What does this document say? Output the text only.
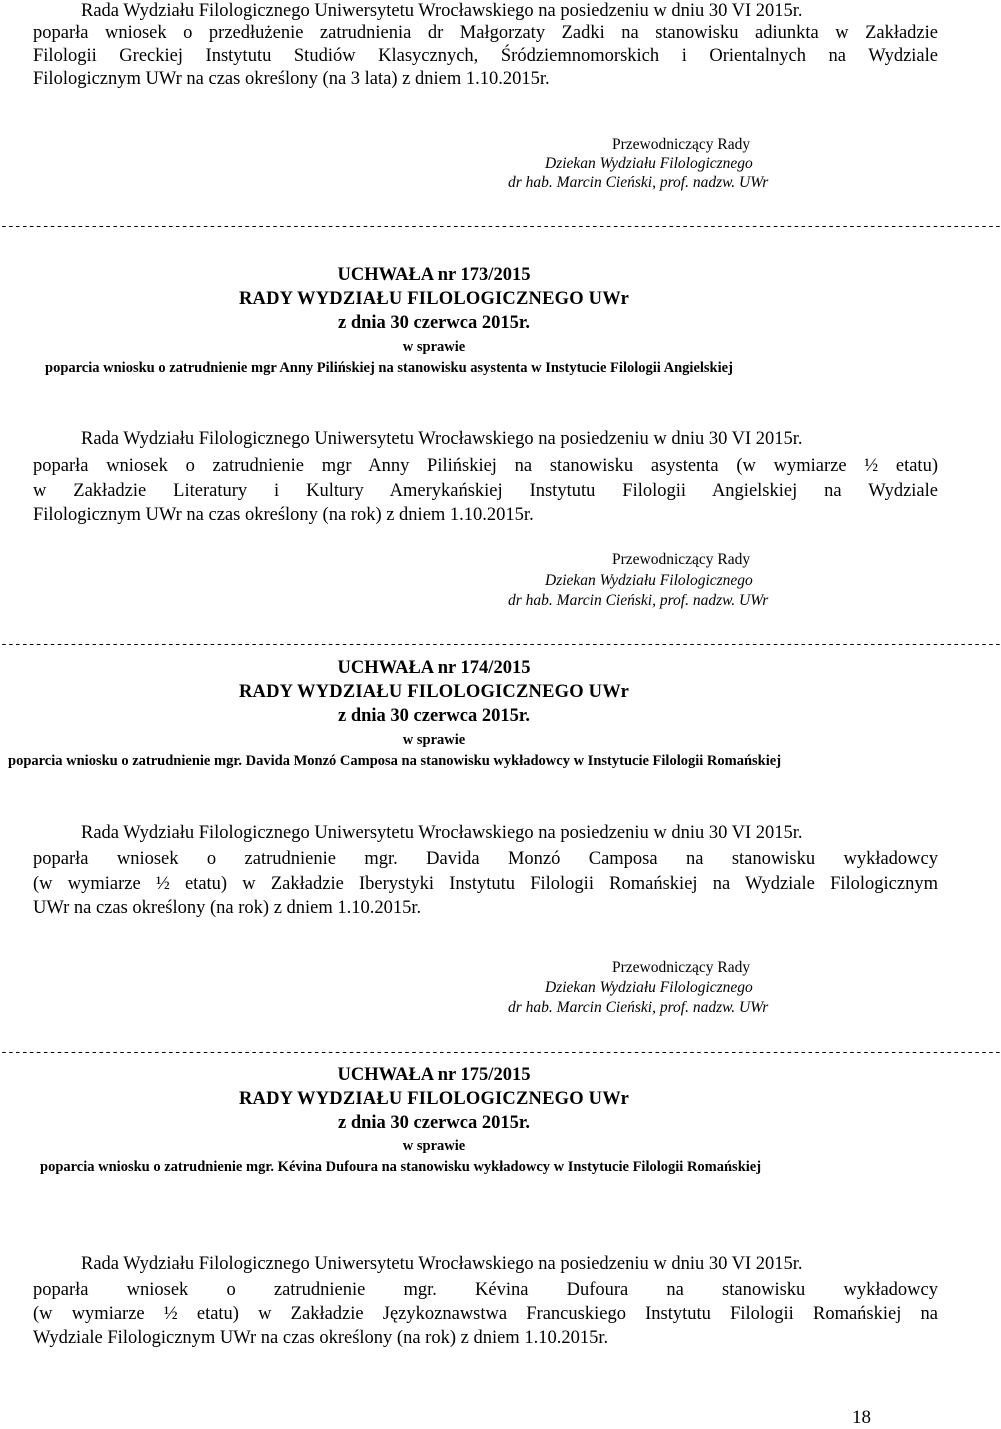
Rada Wydziału Filologicznego Uniwersytetu Wrocławskiego na posiedzeniu w dniu 30 VI 2015r.
poparła wniosek o przedłużenie zatrudnienia dr Małgorzaty Zadki na stanowisku adiunkta w Zakładzie
Filologii Greckiej Instytutu Studiów Klasycznych, Śródziemnomorskich i Orientalnych na Wydziale
Filologicznym UWr na czas określony (na 3 lata) z dniem 1.10.2015r.
Przewodniczący Rady
Dziekan Wydziału Filologicznego
dr hab. Marcin Cieński, prof. nadzw. UWr
------------------------------------------------------------------------------------------------------------------------------------------------
UCHWAŁA nr 173/2015
RADY WYDZIAŁU FILOLOGICZNEGO UWr
z dnia 30 czerwca 2015r.
w sprawie
poparcia wniosku o zatrudnienie mgr Anny Pilińskiej na stanowisku asystenta w Instytucie Filologii Angielskiej
Rada Wydziału Filologicznego Uniwersytetu Wrocławskiego na posiedzeniu w dniu 30 VI 2015r.
poparła wniosek o zatrudnienie mgr Anny Pilińskiej na stanowisku asystenta (w wymiarze ½ etatu)
w Zakładzie Literatury i Kultury Amerykańskiej Instytutu Filologii Angielskiej na Wydziale
Filologicznym UWr na czas określony (na rok) z dniem 1.10.2015r.
Przewodniczący Rady
Dziekan Wydziału Filologicznego
dr hab. Marcin Cieński, prof. nadzw. UWr
------------------------------------------------------------------------------------------------------------------------------------------------
UCHWAŁA nr 174/2015
RADY WYDZIAŁU FILOLOGICZNEGO UWr
z dnia 30 czerwca 2015r.
w sprawie
poparcia wniosku o zatrudnienie mgr. Davida Monzó Camposa na stanowisku wykładowcy w Instytucie Filologii Romańskiej
Rada Wydziału Filologicznego Uniwersytetu Wrocławskiego na posiedzeniu w dniu 30 VI 2015r.
poparła wniosek o zatrudnienie mgr. Davida Monzó Camposa na stanowisku wykładowcy
(w wymiarze ½ etatu) w Zakładzie Iberystyki Instytutu Filologii Romańskiej na Wydziale Filologicznym
UWr na czas określony (na rok) z dniem 1.10.2015r.
Przewodniczący Rady
Dziekan Wydziału Filologicznego
dr hab. Marcin Cieński, prof. nadzw. UWr
------------------------------------------------------------------------------------------------------------------------------------------------
UCHWAŁA nr 175/2015
RADY WYDZIAŁU FILOLOGICZNEGO UWr
z dnia 30 czerwca 2015r.
w sprawie
poparcia wniosku o zatrudnienie mgr. Kévina Dufoura na stanowisku wykładowcy w Instytucie Filologii Romańskiej
Rada Wydziału Filologicznego Uniwersytetu Wrocławskiego na posiedzeniu w dniu 30 VI 2015r.
poparła wniosek o zatrudnienie mgr. Kévina Dufoura na stanowisku wykładowcy
(w wymiarze ½ etatu) w Zakładzie Językoznawstwa Francuskiego Instytutu Filologii Romańskiej na
Wydziale Filologicznym UWr na czas określony (na rok) z dniem 1.10.2015r.
18
